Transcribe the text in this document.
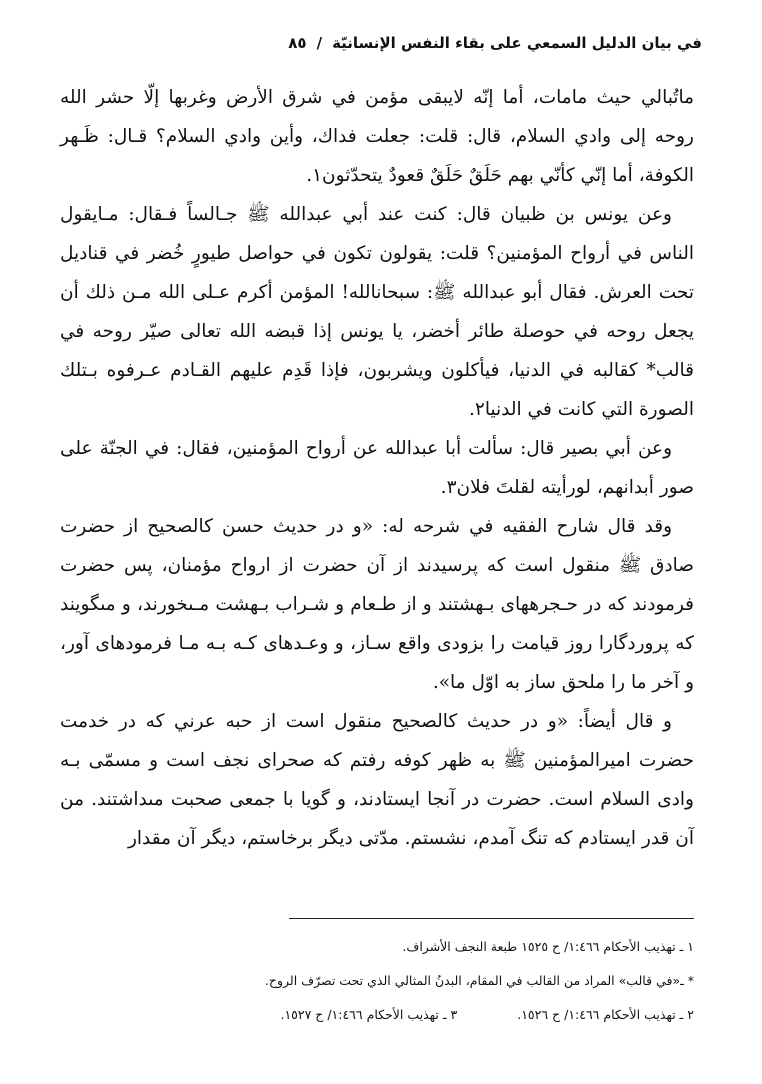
في بيان الدليل السمعي على بقاء النفس الإنسانيّة
/
٨٥

ماتُبالي حيث مامات، أما إنّه لايبقى مؤمن في شرق الأرض وغربها إلّا حشر الله روحه إلى وادي السلام، قال: قلت: جعلت فداك، وأين وادي السلام؟ قـال: ظَـهر الكوفة، أما إنّي كأنّي بهم حَلَقٌ حَلَقٌ قعودٌ يتحدّثون١.

وعن يونس بن ظبيان قال: كنت عند أبي عبدالله ﷺ جـالساً فـقال: مـايقول الناس في أرواح المؤمنين؟ قلت: يقولون تكون في حواصل طيورٍ خُضر في قناديل تحت العرش. فقال أبو عبدالله ﷺ: سبحانالله! المؤمن أكرم عـلى الله مـن ذلك أن يجعل روحه في حوصلة طائر أخضر، يا يونس إذا قبضه الله تعالى صيّر روحه في قالب* كقالبه في الدنيا، فيأكلون ويشربون، فإذا قَدِم عليهم القـادم عـرفوه بـتلك الصورة التي كانت في الدنيا٢.

وعن أبي بصير قال: سألت أبا عبدالله عن أرواح المؤمنين، فقال: في الجنّة على صور أبدانهم، لورأيته لقلتَ فلان٣.

وقد قال شارح الفقيه في شرحه له: «و در حديث حسن كالصحيح از حضرت صادق ﷺ منقول است كه پرسيدند از آن حضرت از ارواح مؤمنان، پس حضرت فرمودند كه در حـجرههاى بـهشتند و از طـعام و شـراب بـهشت مـىخورند، و مىگويند كه پروردگارا روز قيامت را بزودى واقع سـاز، و وعـدهاى كـه بـه مـا فرمودهاى آور، و آخر ما را ملحق ساز به اوّل ما».

و قال أيضاً: «و در حديث كالصحيح منقول است از حبه عرني كه در خدمت حضرت اميرالمؤمنين ﷺ به ظهر كوفه رفتم كه صحراى نجف است و مسمّى بـه وادى السلام است. حضرت در آنجا ايستادند، و گويا با جمعى صحبت مىداشتند. من آن قدر ايستادم كه تنگ آمدم، نشستم. مدّتى ديگر برخاستم، ديگر آن مقدار

١ ـ تهذيب الأحكام ١:٤٦٦/ ح ١٥٢٥ طبعة النجف الأشراف.
* ـ«في قالب» المراد من القالب في المقام، البدنُ المثالي الذي تحت تصرّف الروح.
٢ ـ تهذيب الأحكام ١:٤٦٦/ ح ١٥٢٦.
٣ ـ تهذيب الأحكام ١:٤٦٦/ ح ١٥٢٧.
